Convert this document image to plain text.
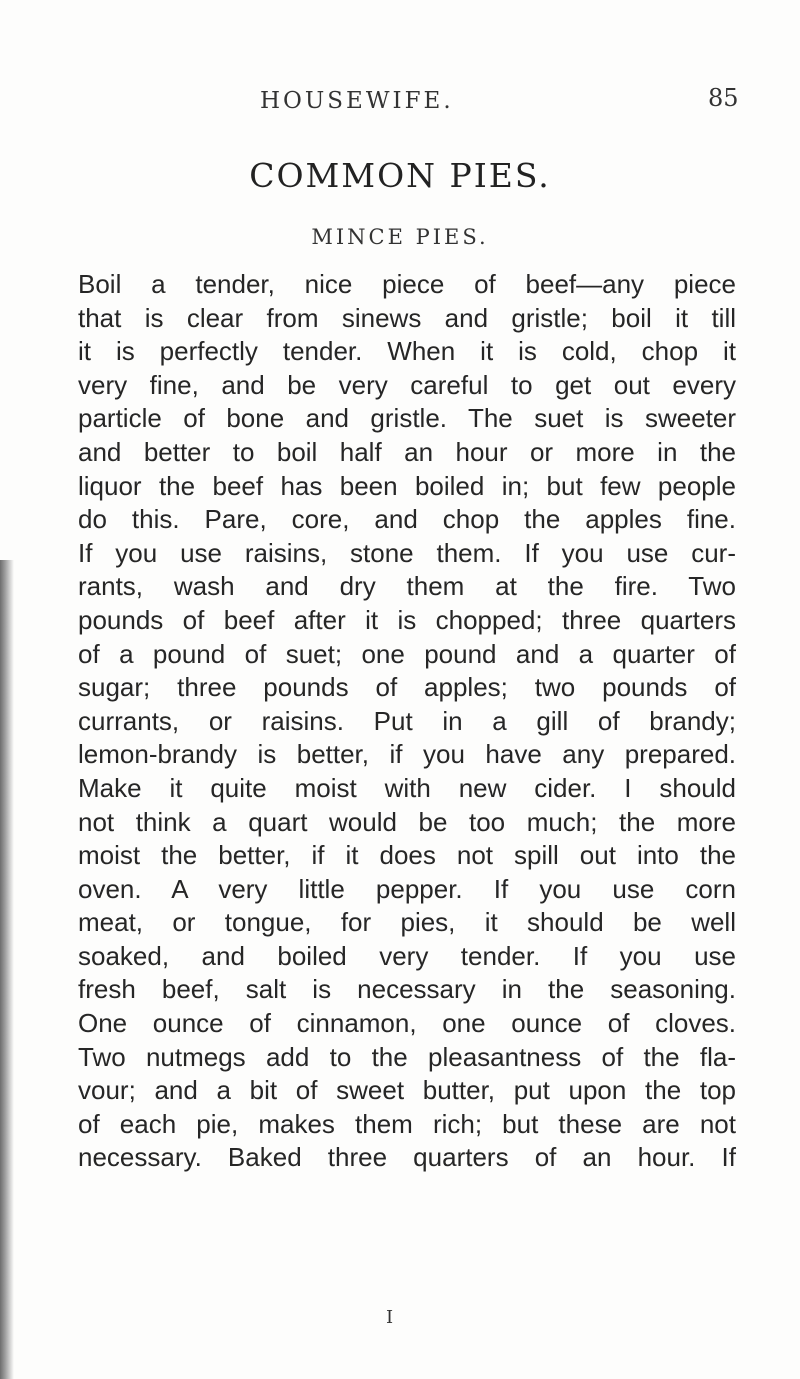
HOUSEWIFE.	85
COMMON PIES.
MINCE PIES.
Boil a tender, nice piece of beef—any piece
that is clear from sinews and gristle; boil it till
it is perfectly tender. When it is cold, chop it
very fine, and be very careful to get out every
particle of bone and gristle. The suet is sweeter
and better to boil half an hour or more in the
liquor the beef has been boiled in; but few people
do this. Pare, core, and chop the apples fine.
If you use raisins, stone them. If you use cur-
rants, wash and dry them at the fire. Two
pounds of beef after it is chopped; three quarters
of a pound of suet; one pound and a quarter of
sugar; three pounds of apples; two pounds of
currants, or raisins. Put in a gill of brandy;
lemon-brandy is better, if you have any prepared.
Make it quite moist with new cider. I should
not think a quart would be too much; the more
moist the better, if it does not spill out into the
oven. A very little pepper. If you use corn
meat, or tongue, for pies, it should be well
soaked, and boiled very tender. If you use
fresh beef, salt is necessary in the seasoning.
One ounce of cinnamon, one ounce of cloves.
Two nutmegs add to the pleasantness of the fla-
vour; and a bit of sweet butter, put upon the top
of each pie, makes them rich; but these are not
necessary. Baked three quarters of an hour. If
I
